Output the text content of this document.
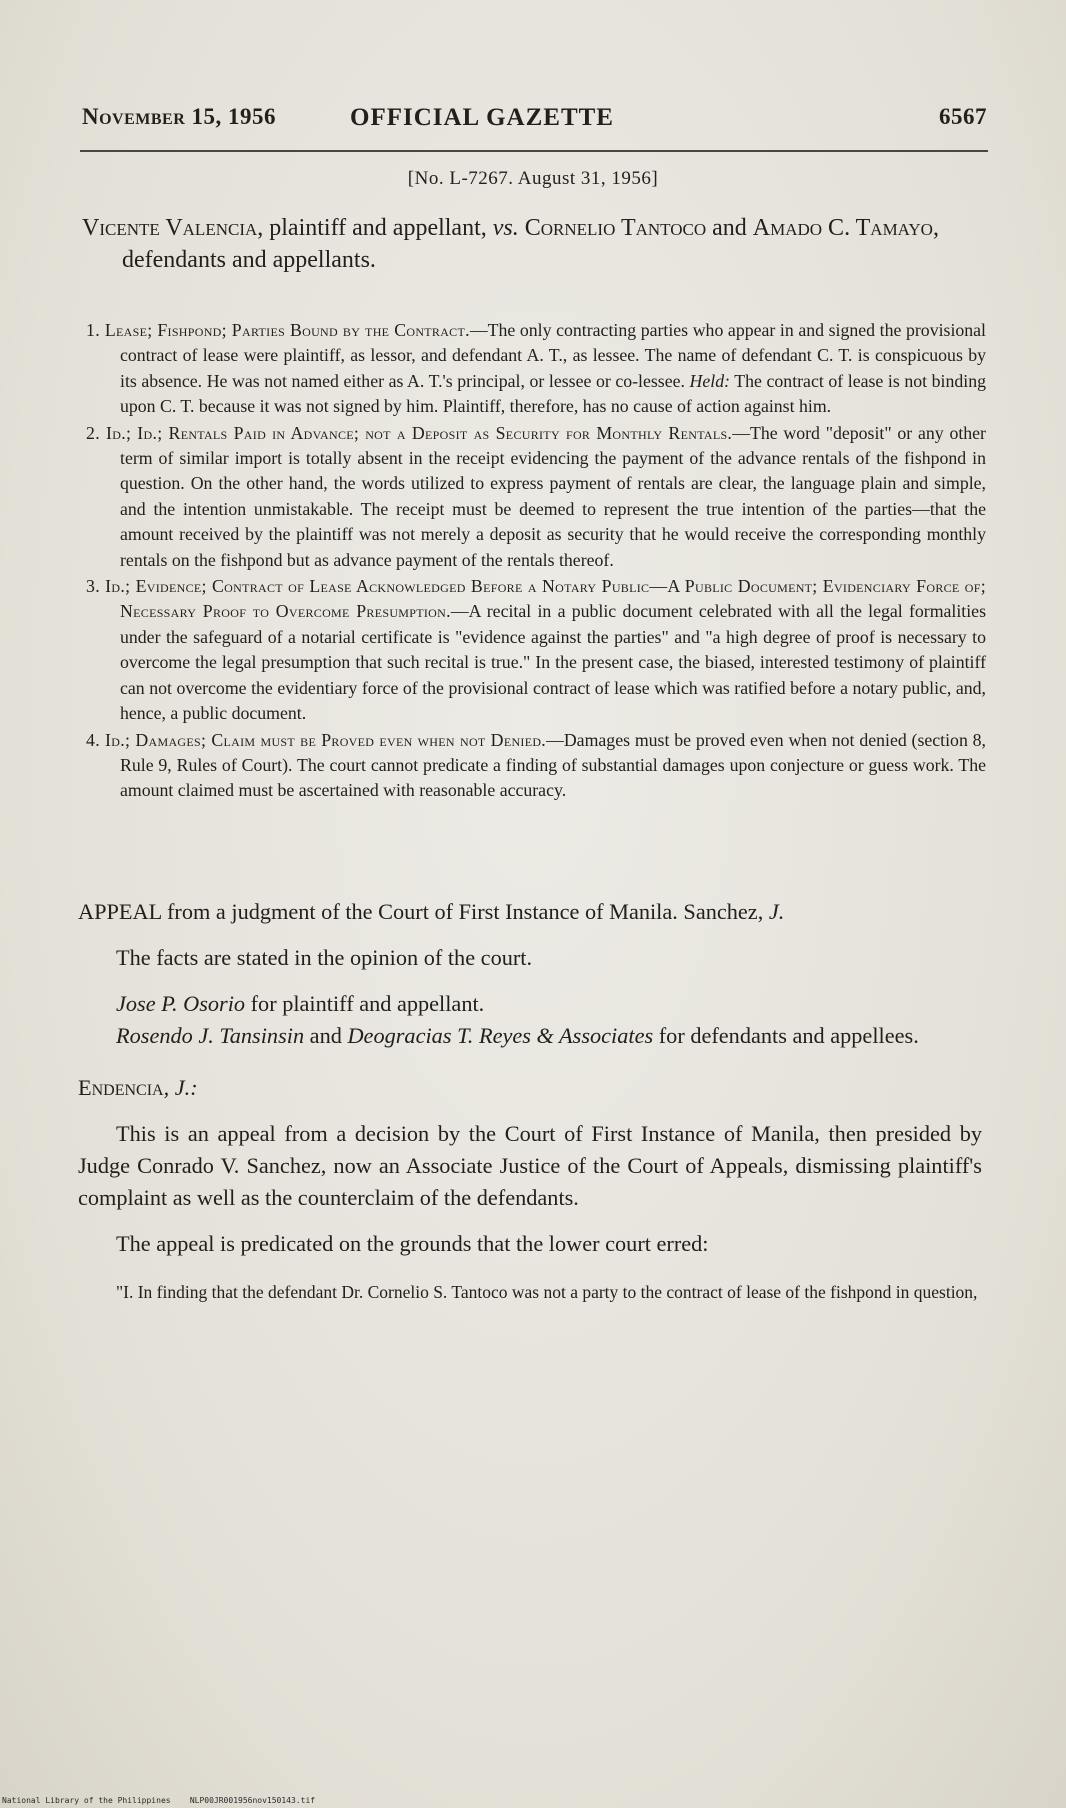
November 15, 1956	OFFICIAL GAZETTE	6567
[No. L-7267. August 31, 1956]
Vicente Valencia, plaintiff and appellant, vs. Cornelio Tantoco and Amado C. Tamayo, defendants and appellants.

1. Lease; Fishpond; Parties Bound by the Contract.—The only contracting parties who appear in and signed the provisional contract of lease were plaintiff, as lessor, and defendant A. T., as lessee. The name of defendant C. T. is conspicuous by its absence. He was not named either as A. T.'s principal, or lessee or co-lessee. Held: The contract of lease is not binding upon C. T. because it was not signed by him. Plaintiff, therefore, has no cause of action against him.

2. Id.; Id.; Rentals Paid in Advance; not a Deposit as Security for Monthly Rentals.—The word "deposit" or any other term of similar import is totally absent in the receipt evidencing the payment of the advance rentals of the fishpond in question. On the other hand, the words utilized to express payment of rentals are clear, the language plain and simple, and the intention unmistakable. The receipt must be deemed to represent the true intention of the parties—that the amount received by the plaintiff was not merely a deposit as security that he would receive the corresponding monthly rentals on the fishpond but as advance payment of the rentals thereof.

3. Id.; Evidence; Contract of Lease Acknowledged Before a Notary Public—A Public Document; Evidenciary Force of; Necessary Proof to Overcome Presumption.—A recital in a public document celebrated with all the legal formalities under the safeguard of a notarial certificate is "evidence against the parties" and "a high degree of proof is necessary to overcome the legal presumption that such recital is true." In the present case, the biased, interested testimony of plaintiff can not overcome the evidentiary force of the provisional contract of lease which was ratified before a notary public, and, hence, a public document.

4. Id.; Damages; Claim must be Proved even when not Denied.—Damages must be proved even when not denied (section 8, Rule 9, Rules of Court). The court cannot predicate a finding of substantial damages upon conjecture or guess work. The amount claimed must be ascertained with reasonable accuracy.

APPEAL from a judgment of the Court of First Instance of Manila. Sanchez, J.

The facts are stated in the opinion of the court.

Jose P. Osorio for plaintiff and appellant.

Rosendo J. Tansinsin and Deogracias T. Reyes & Associates for defendants and appellees.

Endencia, J.:

This is an appeal from a decision by the Court of First Instance of Manila, then presided by Judge Conrado V. Sanchez, now an Associate Justice of the Court of Appeals, dismissing plaintiff's complaint as well as the counterclaim of the defendants.

The appeal is predicated on the grounds that the lower court erred:

"I. In finding that the defendant Dr. Cornelio S. Tantoco was not a party to the contract of lease of the fishpond in question,

National Library of the Philippines NLP00JR001956nov150143.tif
